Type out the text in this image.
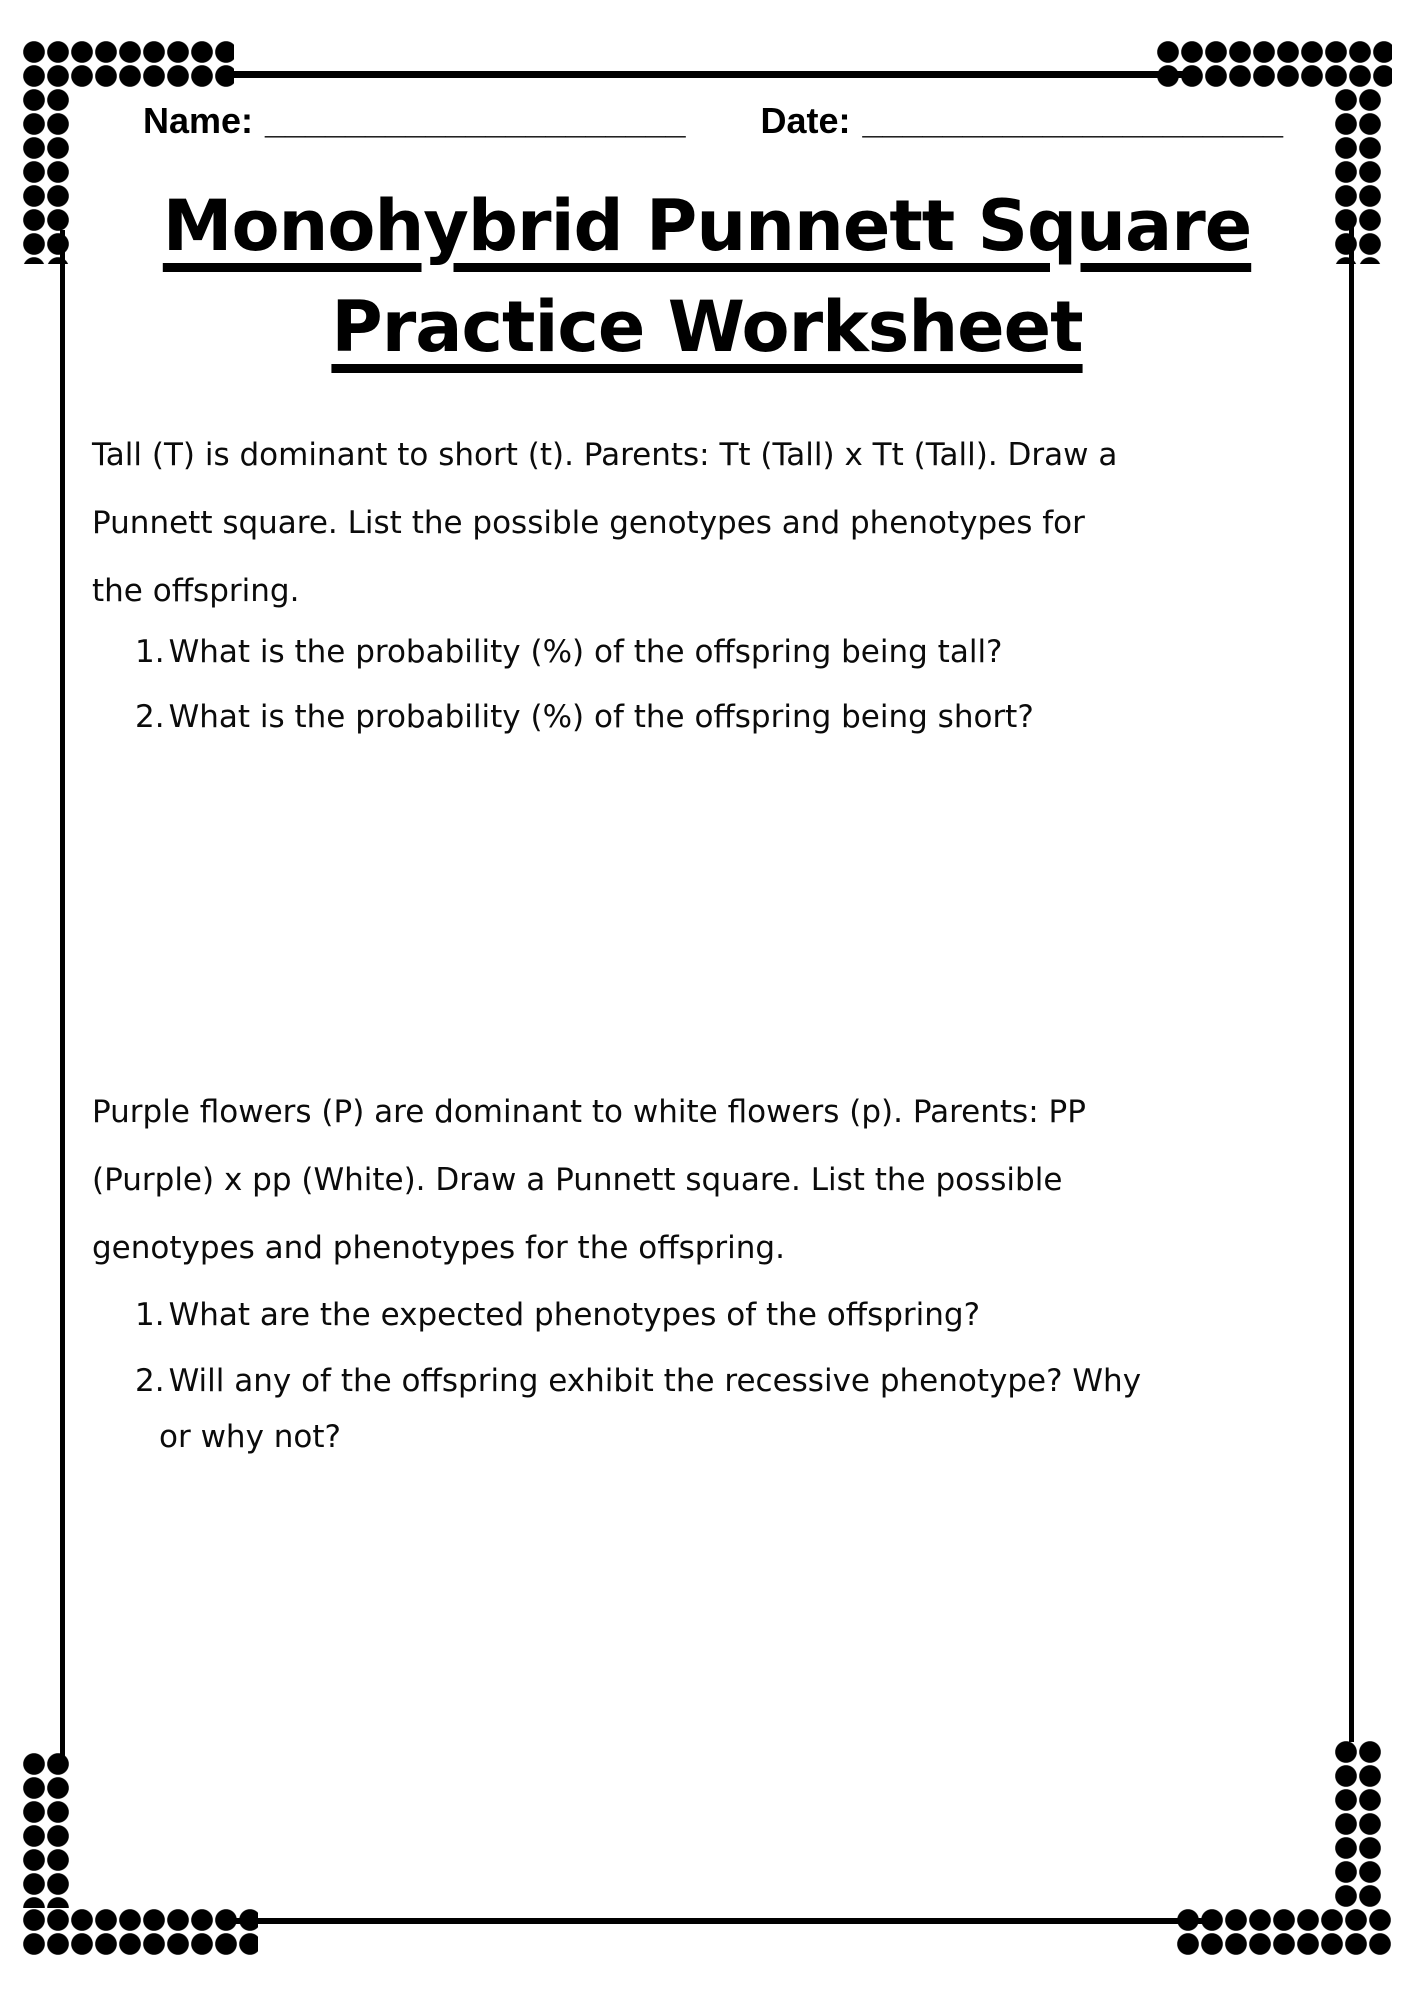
Name: _____________________ Date: _____________________
Monohybrid Punnett Square
Practice Worksheet
Tall (T) is dominant to short (t). Parents: Tt (Tall) x Tt (Tall). Draw a
Punnett square. List the possible genotypes and phenotypes for
the offspring.
1. What is the probability (%) of the offspring being tall?
2. What is the probability (%) of the offspring being short?
Purple flowers (P) are dominant to white flowers (p). Parents: PP
(Purple) x pp (White). Draw a Punnett square. List the possible
genotypes and phenotypes for the offspring.
1. What are the expected phenotypes of the offspring?
2. Will any of the offspring exhibit the recessive phenotype? Why
or why not?
